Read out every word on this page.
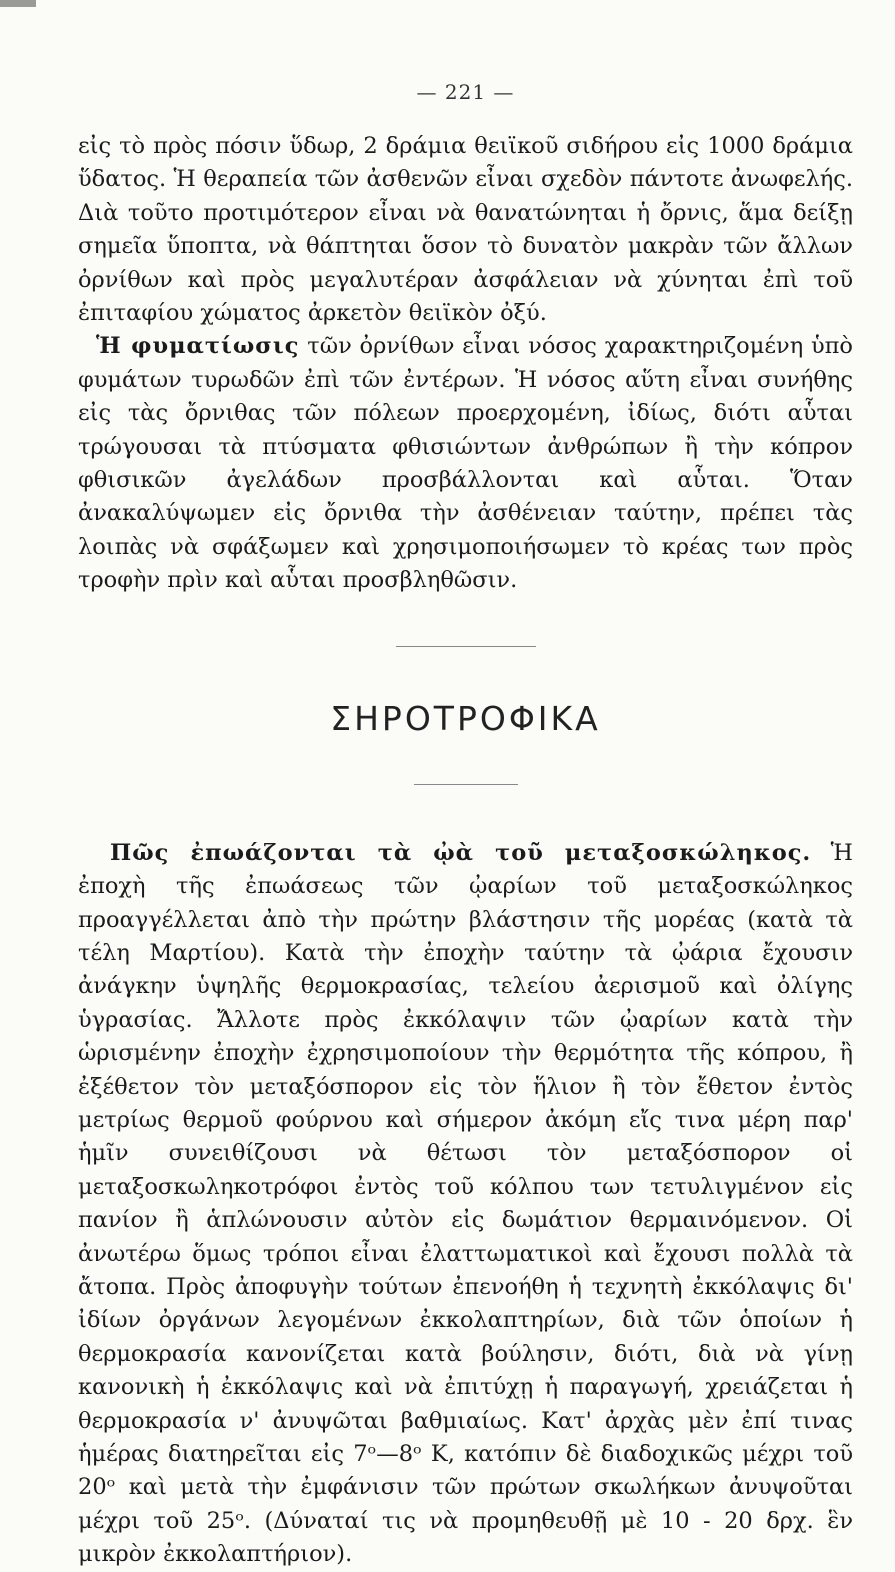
— 221 —

εἰς τὸ πρὸς πόσιν ὕδωρ, 2 δράμια θειϊκοῦ σιδήρου εἰς 1000 δράμια ὕδατος. Ἡ θεραπεία τῶν ἀσθενῶν εἶναι σχεδὸν πάντοτε ἀνωφελής. Διὰ τοῦτο προτιμότερον εἶναι νὰ θανατώνηται ἡ ὄρνις, ἅμα δείξῃ σημεῖα ὕποπτα, νὰ θάπτηται ὅσον τὸ δυνατὸν μακρὰν τῶν ἄλλων ὀρνίθων καὶ πρὸς μεγαλυτέραν ἀσφάλειαν νὰ χύνηται ἐπὶ τοῦ ἐπιταφίου χώματος ἀρκετὸν θειϊκὸν ὀξύ.

Ἡ φυματίωσις τῶν ὀρνίθων εἶναι νόσος χαρακτηριζομένη ὑπὸ φυμάτων τυρωδῶν ἐπὶ τῶν ἐντέρων. Ἡ νόσος αὕτη εἶναι συνήθης εἰς τὰς ὄρνιθας τῶν πόλεων προερχομένη, ἰδίως, διότι αὗται τρώγουσαι τὰ πτύσματα φθισιώντων ἀνθρώπων ἢ τὴν κόπρον φθισικῶν ἀγελάδων προσβάλλονται καὶ αὗται. Ὅταν ἀνακαλύψωμεν εἰς ὄρνιθα τὴν ἀσθένειαν ταύτην, πρέπει τὰς λοιπὰς νὰ σφάξωμεν καὶ χρησιμοποιήσωμεν τὸ κρέας των πρὸς τροφὴν πρὶν καὶ αὗται προσβληθῶσιν.

ΣΗΡΟΤΡΟΦΙΚΑ

Πῶς ἐπωάζονται τὰ ᾠὰ τοῦ μεταξοσκώληκος. Ἡ ἐποχὴ τῆς ἐπωάσεως τῶν ᾠαρίων τοῦ μεταξοσκώληκος προαγγέλλεται ἀπὸ τὴν πρώτην βλάστησιν τῆς μορέας (κατὰ τὰ τέλη Μαρτίου). Κατὰ τὴν ἐποχὴν ταύτην τὰ ᾠάρια ἔχουσιν ἀνάγκην ὑψηλῆς θερμοκρασίας, τελείου ἀερισμοῦ καὶ ὀλίγης ὑγρασίας. Ἄλλοτε πρὸς ἐκκόλαψιν τῶν ᾠαρίων κατὰ τὴν ὡρισμένην ἐποχὴν ἐχρησιμοποίουν τὴν θερμότητα τῆς κόπρου, ἢ ἐξέθετον τὸν μεταξόσπορον εἰς τὸν ἥλιον ἢ τὸν ἔθετον ἐντὸς μετρίως θερμοῦ φούρνου καὶ σήμερον ἀκόμη εἴς τινα μέρη παρ' ἡμῖν συνειθίζουσι νὰ θέτωσι τὸν μεταξόσπορον οἱ μεταξοσκωληκοτρόφοι ἐντὸς τοῦ κόλπου των τετυλιγμένον εἰς πανίον ἢ ἁπλώνουσιν αὐτὸν εἰς δωμάτιον θερμαινόμενον. Οἱ ἀνωτέρω ὅμως τρόποι εἶναι ἐλαττωματικοὶ καὶ ἔχουσι πολλὰ τὰ ἄτοπα. Πρὸς ἀποφυγὴν τούτων ἐπενοήθη ἡ τεχνητὴ ἐκκόλαψις δι' ἰδίων ὀργάνων λεγομένων ἐκκολαπτηρίων, διὰ τῶν ὁποίων ἡ θερμοκρασία κανονίζεται κατὰ βούλησιν, διότι, διὰ νὰ γίνῃ κανονικὴ ἡ ἐκκόλαψις καὶ νὰ ἐπιτύχῃ ἡ παραγωγή, χρειάζεται ἡ θερμοκρασία ν' ἀνυψῶται βαθμιαίως. Κατ' ἀρχὰς μὲν ἐπί τινας ἡμέρας διατηρεῖται εἰς 7ᵒ—8ᵒ Κ, κατόπιν δὲ διαδοχικῶς μέχρι τοῦ 20ᵒ καὶ μετὰ τὴν ἐμφάνισιν τῶν πρώτων σκωλήκων ἀνυψοῦται μέχρι τοῦ 25ᵒ. (Δύναταί τις νὰ προμηθευθῇ μὲ 10 - 20 δρχ. ἓν μικρὸν ἐκκολαπτήριον).
